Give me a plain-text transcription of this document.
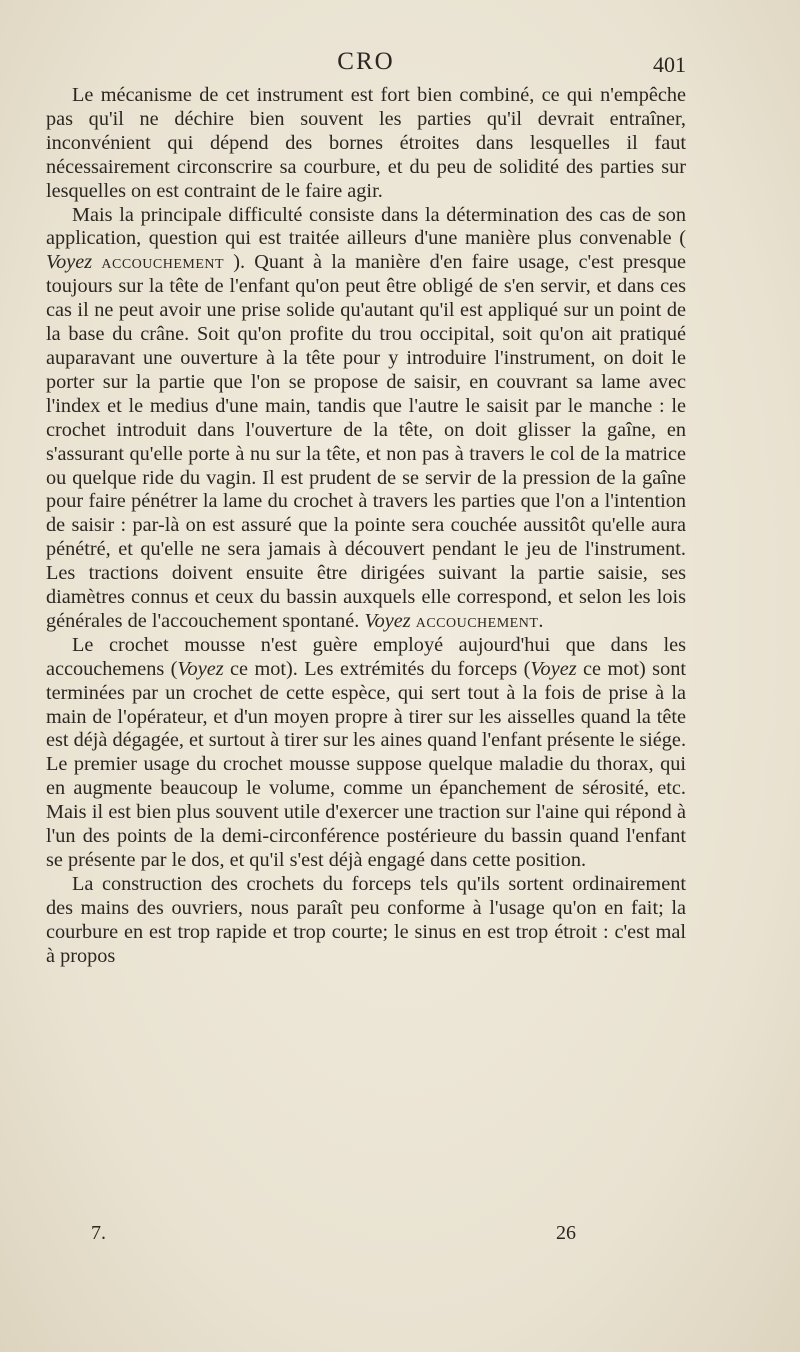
CRO	401

Le mécanisme de cet instrument est fort bien combiné, ce qui n'empêche pas qu'il ne déchire bien souvent les parties qu'il devrait entraîner, inconvénient qui dépend des bornes étroites dans lesquelles il faut nécessairement circonscrire sa courbure, et du peu de solidité des parties sur lesquelles on est contraint de le faire agir.

Mais la principale difficulté consiste dans la détermination des cas de son application, question qui est traitée ailleurs d'une manière plus convenable ( Voyez accouchement ). Quant à la manière d'en faire usage, c'est presque toujours sur la tête de l'enfant qu'on peut être obligé de s'en servir, et dans ces cas il ne peut avoir une prise solide qu'autant qu'il est appliqué sur un point de la base du crâne. Soit qu'on profite du trou occipital, soit qu'on ait pratiqué auparavant une ouverture à la tête pour y introduire l'instrument, on doit le porter sur la partie que l'on se propose de saisir, en couvrant sa lame avec l'index et le medius d'une main, tandis que l'autre le saisit par le manche : le crochet introduit dans l'ouverture de la tête, on doit glisser la gaîne, en s'assurant qu'elle porte à nu sur la tête, et non pas à travers le col de la matrice ou quelque ride du vagin. Il est prudent de se servir de la pression de la gaîne pour faire pénétrer la lame du crochet à travers les parties que l'on a l'intention de saisir : par-là on est assuré que la pointe sera couchée aussitôt qu'elle aura pénétré, et qu'elle ne sera jamais à découvert pendant le jeu de l'instrument. Les tractions doivent ensuite être dirigées suivant la partie saisie, ses diamètres connus et ceux du bassin auxquels elle correspond, et selon les lois générales de l'accouchement spontané. Voyez accouchement.

Le crochet mousse n'est guère employé aujourd'hui que dans les accouchemens (Voyez ce mot). Les extrémités du forceps (Voyez ce mot) sont terminées par un crochet de cette espèce, qui sert tout à la fois de prise à la main de l'opérateur, et d'un moyen propre à tirer sur les aisselles quand la tête est déjà dégagée, et surtout à tirer sur les aines quand l'enfant présente le siége. Le premier usage du crochet mousse suppose quelque maladie du thorax, qui en augmente beaucoup le volume, comme un épanchement de sérosité, etc. Mais il est bien plus souvent utile d'exercer une traction sur l'aine qui répond à l'un des points de la demi-circonférence postérieure du bassin quand l'enfant se présente par le dos, et qu'il s'est déjà engagé dans cette position.

La construction des crochets du forceps tels qu'ils sortent ordinairement des mains des ouvriers, nous paraît peu conforme à l'usage qu'on en fait; la courbure en est trop rapide et trop courte; le sinus en est trop étroit : c'est mal à propos

7.	26
